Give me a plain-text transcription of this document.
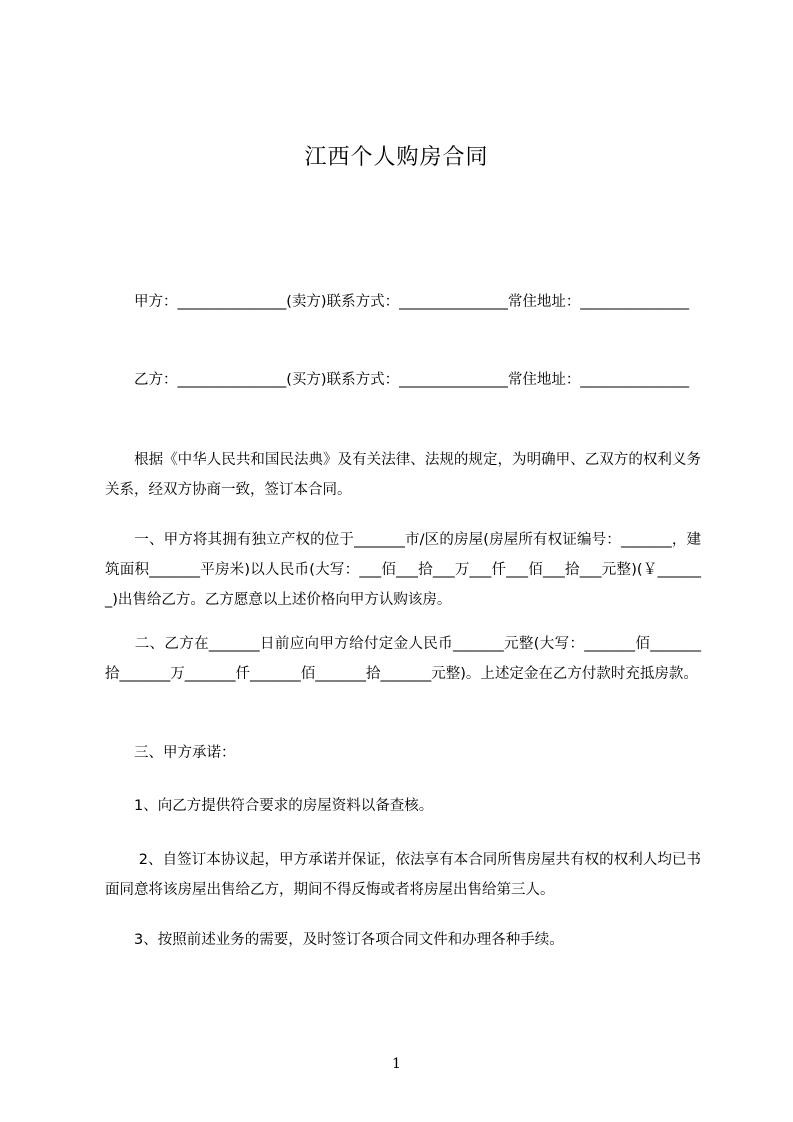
江西个人购房合同
　　甲方：_______________(卖方)联系方式：_______________常住地址：_______________
　　乙方：_______________(买方)联系方式：_______________常住地址：_______________
　　根据《中华人民共和国民法典》及有关法律、法规的规定，为明确甲、乙双方的权利义务关系，经双方协商一致，签订本合同。
　　一、甲方将其拥有独立产权的位于_______市/区的房屋(房屋所有权证编号：_______，建筑面积_______平房米)以人民币(大写：___佰___拾___万___仟___佰___拾___元整)(￥_______)出售给乙方。乙方愿意以上述价格向甲方认购该房。
　　二、乙方在_______日前应向甲方给付定金人民币_______元整(大写：_______佰_______拾_______万_______仟_______佰_______拾_______元整)。上述定金在乙方付款时充抵房款。
　　三、甲方承诺：
　　1、向乙方提供符合要求的房屋资料以备查核。
　　 2、自签订本协议起，甲方承诺并保证，依法享有本合同所售房屋共有权的权利人均已书面同意将该房屋出售给乙方，期间不得反悔或者将房屋出售给第三人。
　　3、按照前述业务的需要，及时签订各项合同文件和办理各种手续。
1
